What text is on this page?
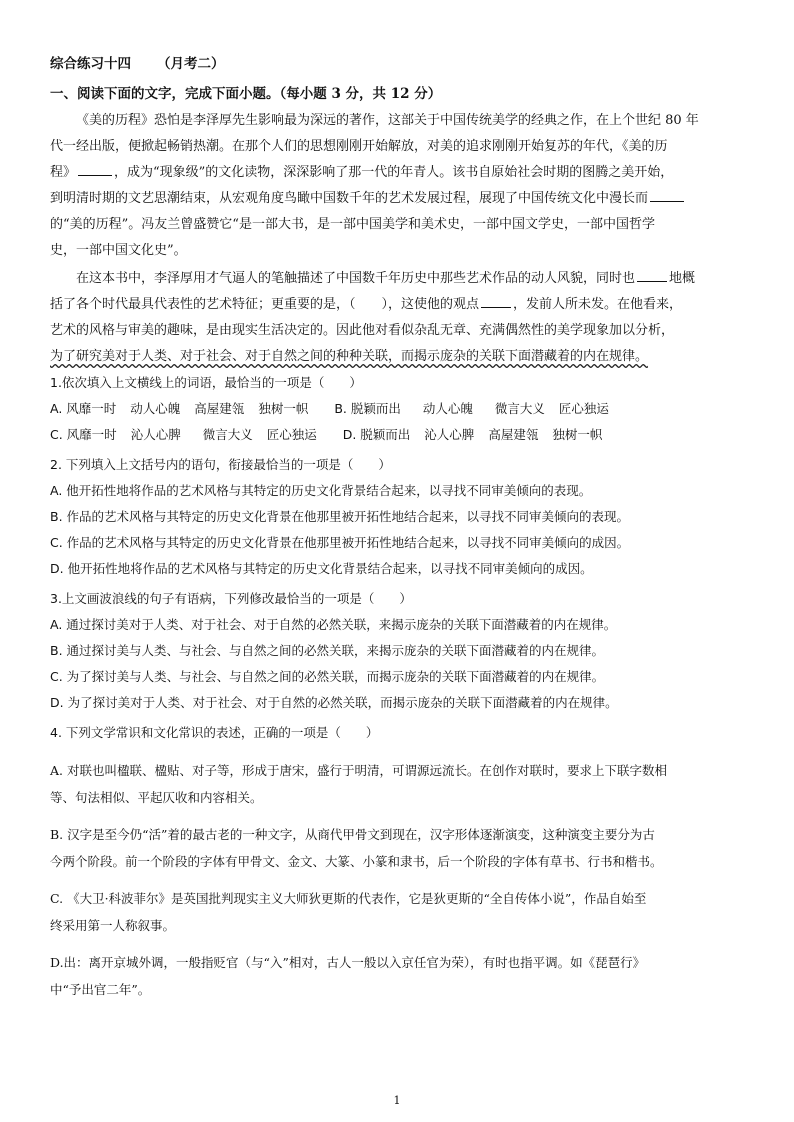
综合练习十四 （月考二）
一、阅读下面的文字，完成下面小题。（每小题 3 分，共 12 分）
《美的历程》恐怕是李泽厚先生影响最为深远的著作，这部关于中国传统美学的经典之作，在上个世纪 80 年
代一经出版，便掀起畅销热潮。在那个人们的思想刚刚开始解放，对美的追求刚刚开始复苏的年代，《美的历
程》	，成为“现象级”的文化读物，深深影响了那一代的年青人。该书自原始社会时期的图腾之美开始，
到明清时期的文艺思潮结束，从宏观角度鸟瞰中国数千年的艺术发展过程，展现了中国传统文化中漫长而
的“美的历程”。冯友兰曾盛赞它“是一部大书，是一部中国美学和美术史，一部中国文学史，一部中国哲学
史，一部中国文化史”。
在这本书中，李泽厚用才气逼人的笔触描述了中国数千年历史中那些艺术作品的动人风貌，同时也	地概
括了各个时代最具代表性的艺术特征；更重要的是，（　　），这使他的观点	，发前人所未发。在他看来，
艺术的风格与审美的趣味，是由现实生活决定的。因此他对看似杂乱无章、充满偶然性的美学现象加以分析，
为了研究美对于人类、对于社会、对于自然之间的种种关联，而揭示庞杂的关联下面潜藏着的内在规律。
1.依次填入上文横线上的词语，最恰当的一项是（　　）
A. 风靡一时 动人心魄 高屋建瓴 独树一帜 B. 脱颖而出 动人心魄 微言大义 匠心独运
C. 风靡一时 沁人心脾 微言大义 匠心独运 D. 脱颖而出 沁人心脾 高屋建瓴 独树一帜
2. 下列填入上文括号内的语句，衔接最恰当的一项是（　　）
A. 他开拓性地将作品的艺术风格与其特定的历史文化背景结合起来，以寻找不同审美倾向的表现。
B. 作品的艺术风格与其特定的历史文化背景在他那里被开拓性地结合起来，以寻找不同审美倾向的表现。
C. 作品的艺术风格与其特定的历史文化背景在他那里被开拓性地结合起来，以寻找不同审美倾向的成因。
D. 他开拓性地将作品的艺术风格与其特定的历史文化背景结合起来，以寻找不同审美倾向的成因。
3.上文画波浪线的句子有语病，下列修改最恰当的一项是（　　）
A. 通过探讨美对于人类、对于社会、对于自然的必然关联，来揭示庞杂的关联下面潜藏着的内在规律。
B. 通过探讨美与人类、与社会、与自然之间的必然关联，来揭示庞杂的关联下面潜藏着的内在规律。
C. 为了探讨美与人类、与社会、与自然之间的必然关联，而揭示庞杂的关联下面潜藏着的内在规律。
D. 为了探讨美对于人类、对于社会、对于自然的必然关联，而揭示庞杂的关联下面潜藏着的内在规律。
4. 下列文学常识和文化常识的表述，正确的一项是（　　）
A. 对联也叫楹联、楹贴、对子等，形成于唐宋，盛行于明清，可谓源远流长。在创作对联时，要求上下联字数相
等、句法相似、平起仄收和内容相关。
B. 汉字是至今仍“活”着的最古老的一种文字，从商代甲骨文到现在，汉字形体逐渐演变，这种演变主要分为古
今两个阶段。前一个阶段的字体有甲骨文、金文、大篆、小篆和隶书，后一个阶段的字体有草书、行书和楷书。
C. 《大卫·科波菲尔》是英国批判现实主义大师狄更斯的代表作，它是狄更斯的“全自传体小说”，作品自始至
终采用第一人称叙事。
D.出：离开京城外调，一般指贬官（与“入”相对，古人一般以入京任官为荣），有时也指平调。如《琵琶行》
中“予出官二年”。
1
